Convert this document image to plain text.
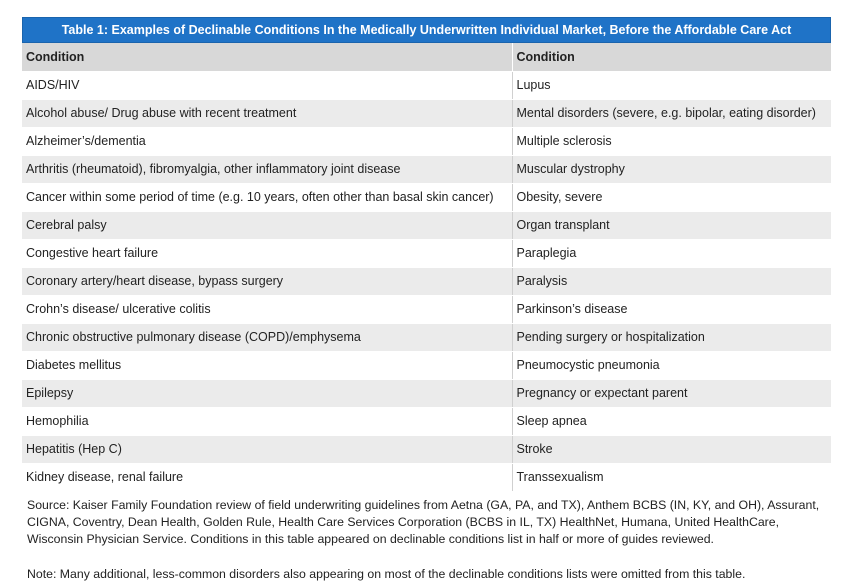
Table 1: Examples of Declinable Conditions In the Medically Underwritten Individual Market, Before the Affordable Care Act
Condition	Condition
AIDS/HIV	Lupus
Alcohol abuse/ Drug abuse with recent treatment	Mental disorders (severe, e.g. bipolar, eating disorder)
Alzheimer’s/dementia	Multiple sclerosis
Arthritis (rheumatoid), fibromyalgia, other inflammatory joint disease	Muscular dystrophy
Cancer within some period of time (e.g. 10 years, often other than basal skin cancer)	Obesity, severe
Cerebral palsy	Organ transplant
Congestive heart failure	Paraplegia
Coronary artery/heart disease, bypass surgery	Paralysis
Crohn’s disease/ ulcerative colitis	Parkinson’s disease
Chronic obstructive pulmonary disease (COPD)/emphysema	Pending surgery or hospitalization
Diabetes mellitus	Pneumocystic pneumonia
Epilepsy	Pregnancy or expectant parent
Hemophilia	Sleep apnea
Hepatitis (Hep C)	Stroke
Kidney disease, renal failure	Transsexualism

Source: Kaiser Family Foundation review of field underwriting guidelines from Aetna (GA, PA, and TX), Anthem BCBS (IN, KY, and OH), Assurant, CIGNA, Coventry, Dean Health, Golden Rule, Health Care Services Corporation (BCBS in IL, TX) HealthNet, Humana, United HealthCare, Wisconsin Physician Service. Conditions in this table appeared on declinable conditions list in half or more of guides reviewed.

Note: Many additional, less-common disorders also appearing on most of the declinable conditions lists were omitted from this table.
